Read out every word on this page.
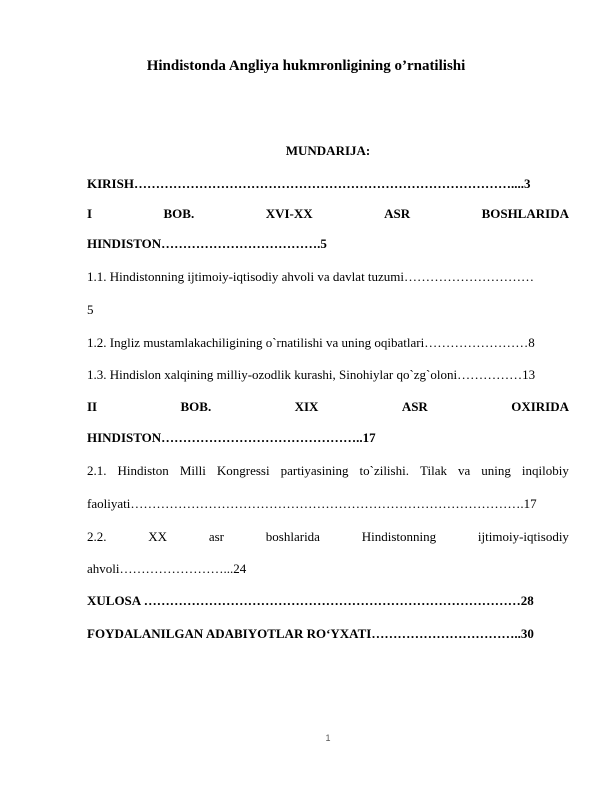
Hindistonda Angliya hukmronligining o’rnatilishi
MUNDARIJA:
KIRISH……………………………………………………………………………....3
I	BOB.	XVI-XX	ASR	BOSHLARIDA
HINDISTON……………………………….5
1.1. Hindistonning ijtimoiy-iqtisodiy ahvoli va davlat tuzumi…………………………
5
1.2. Ingliz mustamlakachiligining o`rnatilishi va uning oqibatlari……………………8
1.3. Hindislon xalqining milliy-ozodlik kurashi, Sinohiylar qo`zg`oloni……………13
II	BOB.	XIX	ASR	OXIRIDA
HINDISTON………………………………………..17
2.1. Hindiston Milli Kongressi partiyasining to`zilishi. Tilak va uning inqilobiy
faoliyati……………………………………………………………………………….17
2.2.	XX	asr	boshlarida	Hindistonning	ijtimoiy-iqtisodiy
ahvoli……………………...24
XULOSA ……………………………………………………………………………28
FOYDALANILGAN ADABIYOTLAR RO‘YXATI……………………………..30
1
